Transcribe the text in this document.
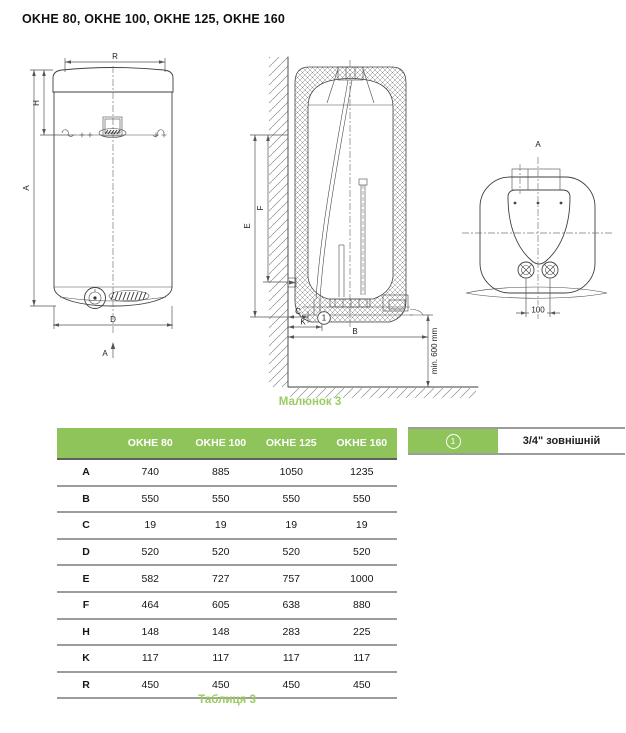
OKHE 80, OKHE 100, OKHE 125, OKHE 160
R
H
A
D
A
E
F
C
K
B
1
min. 600 mm
A
100
Малюнок 3
1	3/4" зовнішній
	OKHE 80	OKHE 100	OKHE 125	OKHE 160
A	740	885	1050	1235
B	550	550	550	550
C	19	19	19	19
D	520	520	520	520
E	582	727	757	1000
F	464	605	638	880
H	148	148	283	225
K	117	117	117	117
R	450	450	450	450
Таблиця 3
